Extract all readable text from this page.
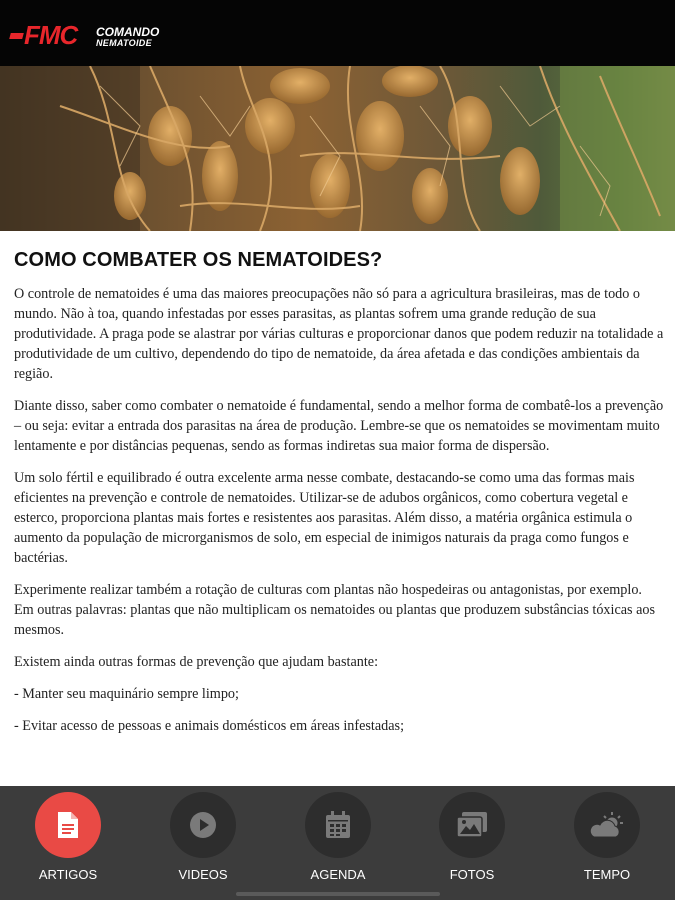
FMC COMANDO
NEMATOIDE
COMO COMBATER OS NEMATOIDES?

O controle de nematoides é uma das maiores preocupações não só para a agricultura brasileiras, mas de todo o mundo. Não à toa, quando infestadas por esses parasitas, as plantas sofrem uma grande redução de sua produtividade. A praga pode se alastrar por várias culturas e proporcionar danos que podem reduzir na totalidade a produtividade de um cultivo, dependendo do tipo de nematoide, da área afetada e das condições ambientais da região.

Diante disso, saber como combater o nematoide é fundamental, sendo a melhor forma de combatê-los a prevenção – ou seja: evitar a entrada dos parasitas na área de produção. Lembre-se que os nematoides se movimentam muito lentamente e por distâncias pequenas, sendo as formas indiretas sua maior forma de dispersão.

Um solo fértil e equilibrado é outra excelente arma nesse combate, destacando-se como uma das formas mais eficientes na prevenção e controle de nematoides. Utilizar-se de adubos orgânicos, como cobertura vegetal e esterco, proporciona plantas mais fortes e resistentes aos parasitas. Além disso, a matéria orgânica estimula o aumento da população de microrganismos de solo, em especial de inimigos naturais da praga como fungos e bactérias.

Experimente realizar também a rotação de culturas com plantas não hospedeiras ou antagonistas, por exemplo. Em outras palavras: plantas que não multiplicam os nematoides ou plantas que produzem substâncias tóxicas aos mesmos.

Existem ainda outras formas de prevenção que ajudam bastante:

- Manter seu maquinário sempre limpo;

- Evitar acesso de pessoas e animais domésticos em áreas infestadas;

ARTIGOS	VIDEOS	AGENDA	FOTOS	TEMPO
